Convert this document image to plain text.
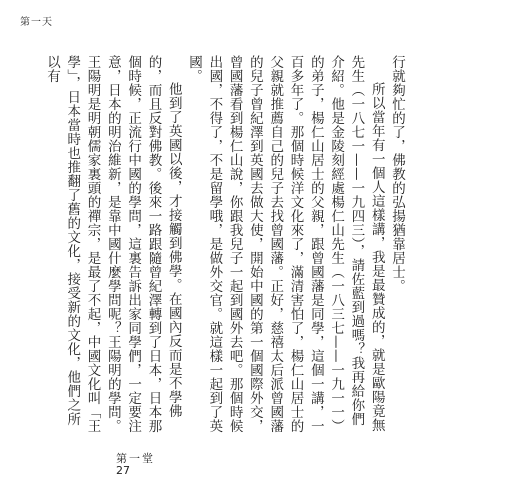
第一天

行就夠忙的了，佛教的弘揚猶靠居士。

所以當年有一個人這樣講，我是最贊成的，就是歐陽竟無先生（一八七一——一九四三），請佐藍到過嗎？我再給你們介紹。他是金陵刻經處楊仁山先生（一八三七——一九一一）的弟子，楊仁山居士的父親，跟曾國藩是同學，這個一講，一百多年了。那個時候洋文化來了，滿清害怕了，楊仁山居士的父親就推薦自己的兒子去找曾國藩。正好，慈禧太后派曾國藩的兒子曾紀澤到英國去做大使，開始中國的第一個國際外交，曾國藩看到楊仁山說，你跟我兒子一起到國外去吧。那個時候出國，不得了，不是留學哦，是做外交官。就這樣一起到了英國。

他到了英國以後，才接觸到佛學。在國內反而是不學佛的，而且反對佛教。後來一路跟隨曾紀澤轉到了日本，日本那個時候，正流行中國的學問，這裏告訴出家同學們，一定要注意，日本的明治維新，是靠中國什麼學問呢？王陽明的學問。王陽明是明朝儒家裏頭的禪宗，是最了不起，中國文化叫「王學」，日本當時也推翻了舊的文化，接受新的文化，他們之所以有

第一堂
27
